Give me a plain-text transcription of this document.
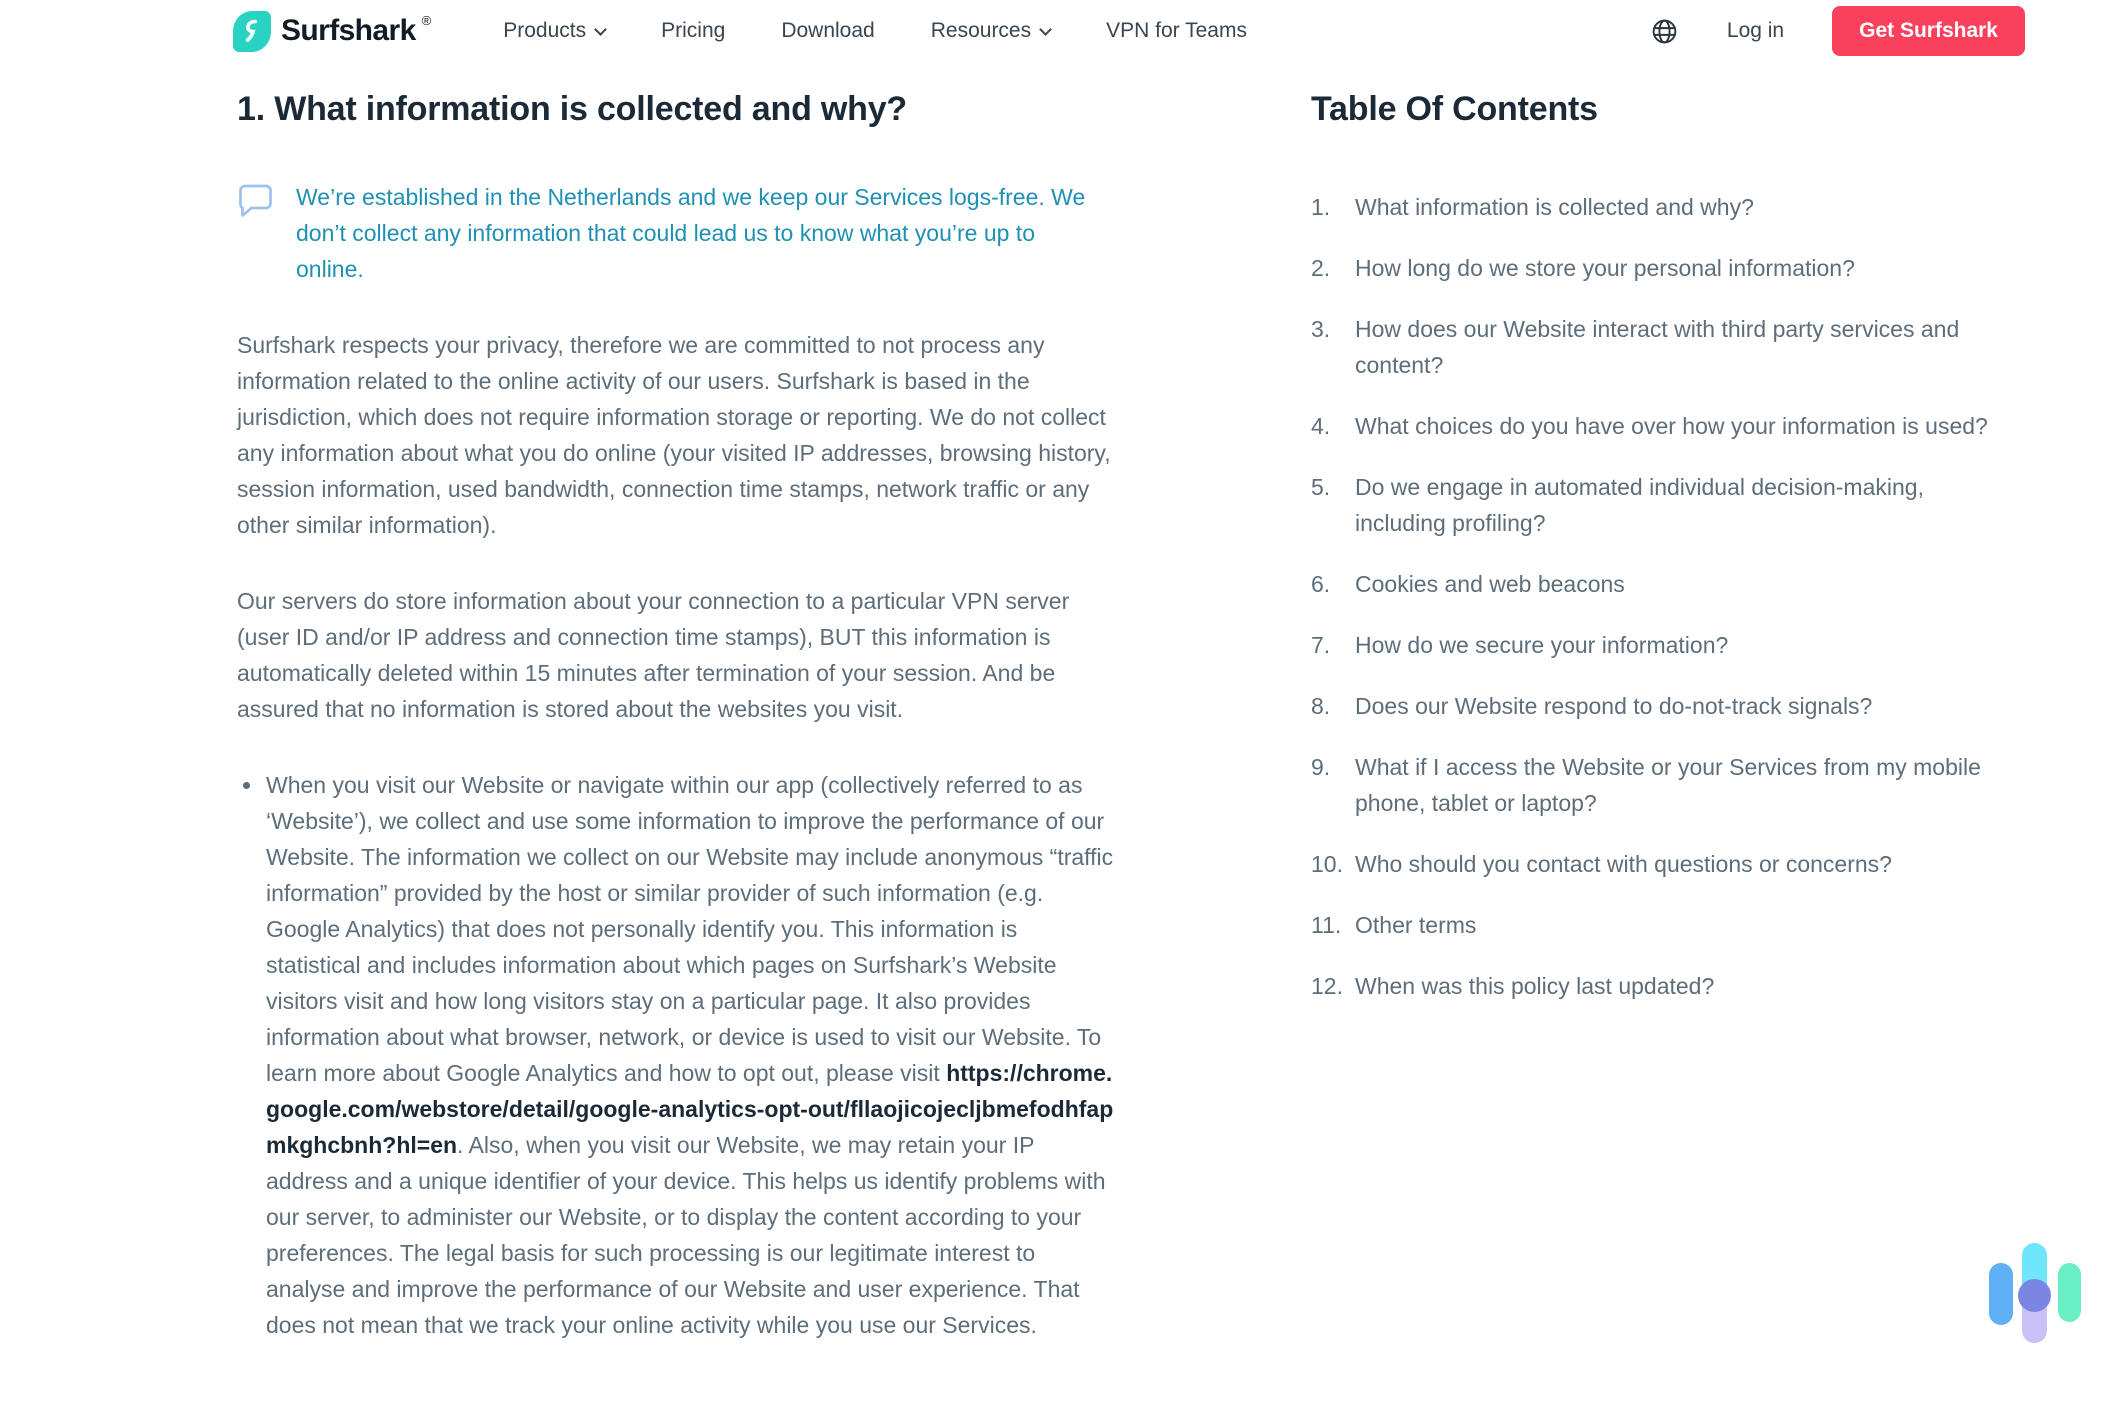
Surfshark ®	Products	Pricing	Download	Resources	VPN for Teams	Log in	Get Surfshark
1. What information is collected and why?
We’re established in the Netherlands and we keep our Services logs-free. We don’t collect any information that could lead us to know what you’re up to online.

Surfshark respects your privacy, therefore we are committed to not process any information related to the online activity of our users. Surfshark is based in the jurisdiction, which does not require information storage or reporting. We do not collect any information about what you do online (your visited IP addresses, browsing history, session information, used bandwidth, connection time stamps, network traffic or any other similar information).

Our servers do store information about your connection to a particular VPN server (user ID and/or IP address and connection time stamps), BUT this information is automatically deleted within 15 minutes after termination of your session. And be assured that no information is stored about the websites you visit.

• When you visit our Website or navigate within our app (collectively referred to as ‘Website’), we collect and use some information to improve the performance of our Website. The information we collect on our Website may include anonymous “traffic information” provided by the host or similar provider of such information (e.g. Google Analytics) that does not personally identify you. This information is statistical and includes information about which pages on Surfshark’s Website visitors visit and how long visitors stay on a particular page. It also provides information about what browser, network, or device is used to visit our Website. To learn more about Google Analytics and how to opt out, please visit https://chrome.google.com/webstore/detail/google-analytics-opt-out/fllaojicojecljbmefodhfapmkghcbnh?hl=en. Also, when you visit our Website, we may retain your IP address and a unique identifier of your device. This helps us identify problems with our server, to administer our Website, or to display the content according to your preferences. The legal basis for such processing is our legitimate interest to analyse and improve the performance of our Website and user experience. That does not mean that we track your online activity while you use our Services.
Table Of Contents
1.	What information is collected and why?
2.	How long do we store your personal information?
3.	How does our Website interact with third party services and content?
4.	What choices do you have over how your information is used?
5.	Do we engage in automated individual decision-making, including profiling?
6.	Cookies and web beacons
7.	How do we secure your information?
8.	Does our Website respond to do-not-track signals?
9.	What if I access the Website or your Services from my mobile phone, tablet or laptop?
10. Who should you contact with questions or concerns?
11. Other terms
12. When was this policy last updated?
